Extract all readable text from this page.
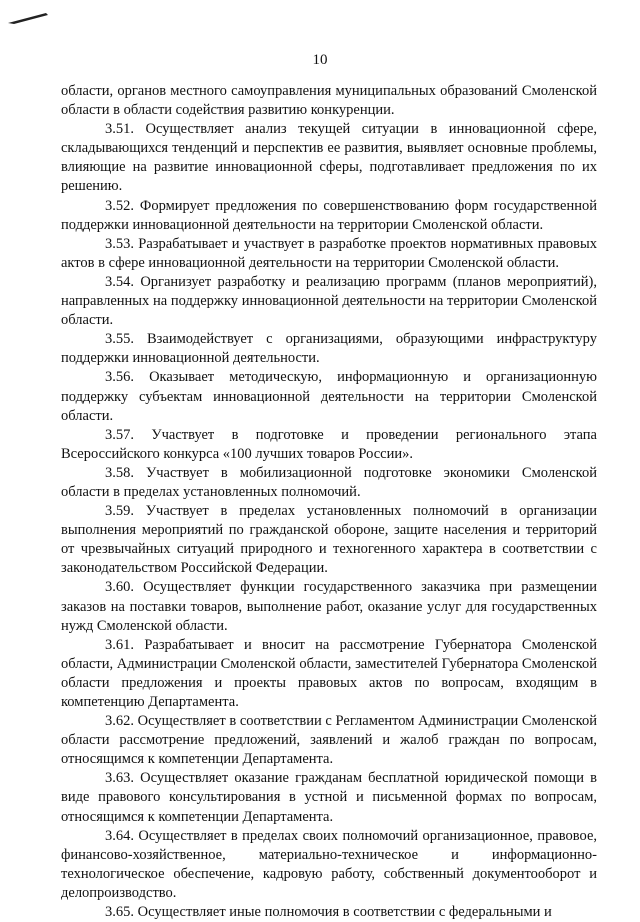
10

области, органов местного самоуправления муниципальных образований Смоленской области в области содействия развитию конкуренции.

3.51. Осуществляет анализ текущей ситуации в инновационной сфере, складывающихся тенденций и перспектив ее развития, выявляет основные проблемы, влияющие на развитие инновационной сферы, подготавливает предложения по их решению.

3.52. Формирует предложения по совершенствованию форм государственной поддержки инновационной деятельности на территории Смоленской области.

3.53. Разрабатывает и участвует в разработке проектов нормативных правовых актов в сфере инновационной деятельности на территории Смоленской области.

3.54. Организует разработку и реализацию программ (планов мероприятий), направленных на поддержку инновационной деятельности на территории Смоленской области.

3.55. Взаимодействует с организациями, образующими инфраструктуру поддержки инновационной деятельности.

3.56. Оказывает методическую, информационную и организационную поддержку субъектам инновационной деятельности на территории Смоленской области.

3.57. Участвует в подготовке и проведении регионального этапа Всероссийского конкурса «100 лучших товаров России».

3.58. Участвует в мобилизационной подготовке экономики Смоленской области в пределах установленных полномочий.

3.59. Участвует в пределах установленных полномочий в организации выполнения мероприятий по гражданской обороне, защите населения и территорий от чрезвычайных ситуаций природного и техногенного характера в соответствии с законодательством Российской Федерации.

3.60. Осуществляет функции государственного заказчика при размещении заказов на поставки товаров, выполнение работ, оказание услуг для государственных нужд Смоленской области.

3.61. Разрабатывает и вносит на рассмотрение Губернатора Смоленской области, Администрации Смоленской области, заместителей Губернатора Смоленской области предложения и проекты правовых актов по вопросам, входящим в компетенцию Департамента.

3.62. Осуществляет в соответствии с Регламентом Администрации Смоленской области рассмотрение предложений, заявлений и жалоб граждан по вопросам, относящимся к компетенции Департамента.

3.63. Осуществляет оказание гражданам бесплатной юридической помощи в виде правового консультирования в устной и письменной формах по вопросам, относящимся к компетенции Департамента.

3.64. Осуществляет в пределах своих полномочий организационное, правовое, финансово-хозяйственное, материально-техническое и информационно-технологическое обеспечение, кадровую работу, собственный документооборот и делопроизводство.

3.65. Осуществляет иные полномочия в соответствии с федеральными и
